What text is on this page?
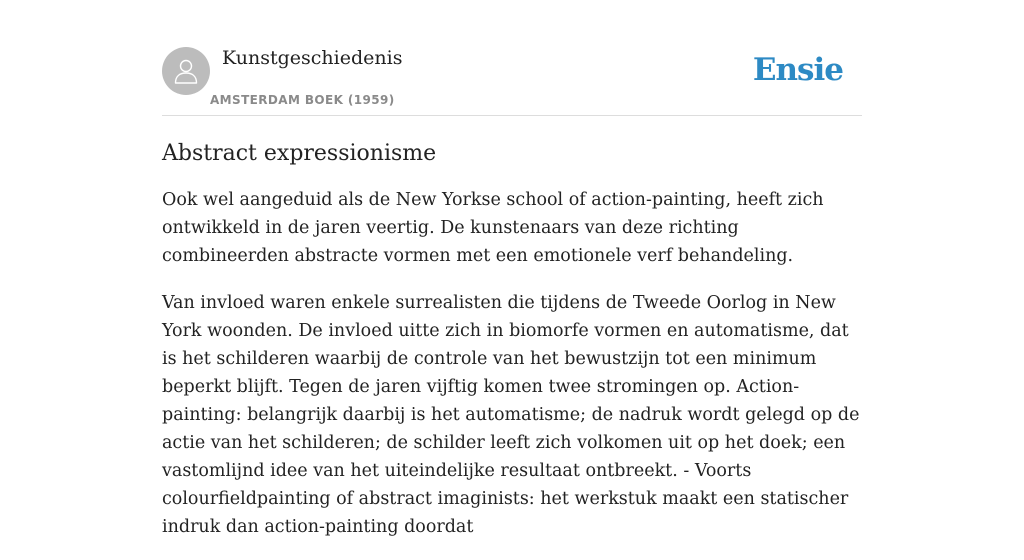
Kunstgeschiedenis
AMSTERDAM BOEK (1959)
Ensie
Abstract expressionisme

Ook wel aangeduid als de New Yorkse school of action-painting, heeft zich ontwikkeld in de jaren veertig. De kunstenaars van deze richting combineerden abstracte vormen met een emotionele verf behandeling.

Van invloed waren enkele surrealisten die tijdens de Tweede Oorlog in New York woonden. De invloed uitte zich in biomorfe vormen en automatisme, dat is het schilderen waarbij de controle van het bewustzijn tot een minimum beperkt blijft. Tegen de jaren vijftig komen twee stromingen op. Action-painting: belangrijk daarbij is het automatisme; de nadruk wordt gelegd op de actie van het schilderen; de schilder leeft zich volkomen uit op het doek; een vastomlijnd idee van het uiteindelijke resultaat ontbreekt. - Voorts colourfieldpainting of abstract imaginists: het werkstuk maakt een statischer indruk dan action-painting doordat
